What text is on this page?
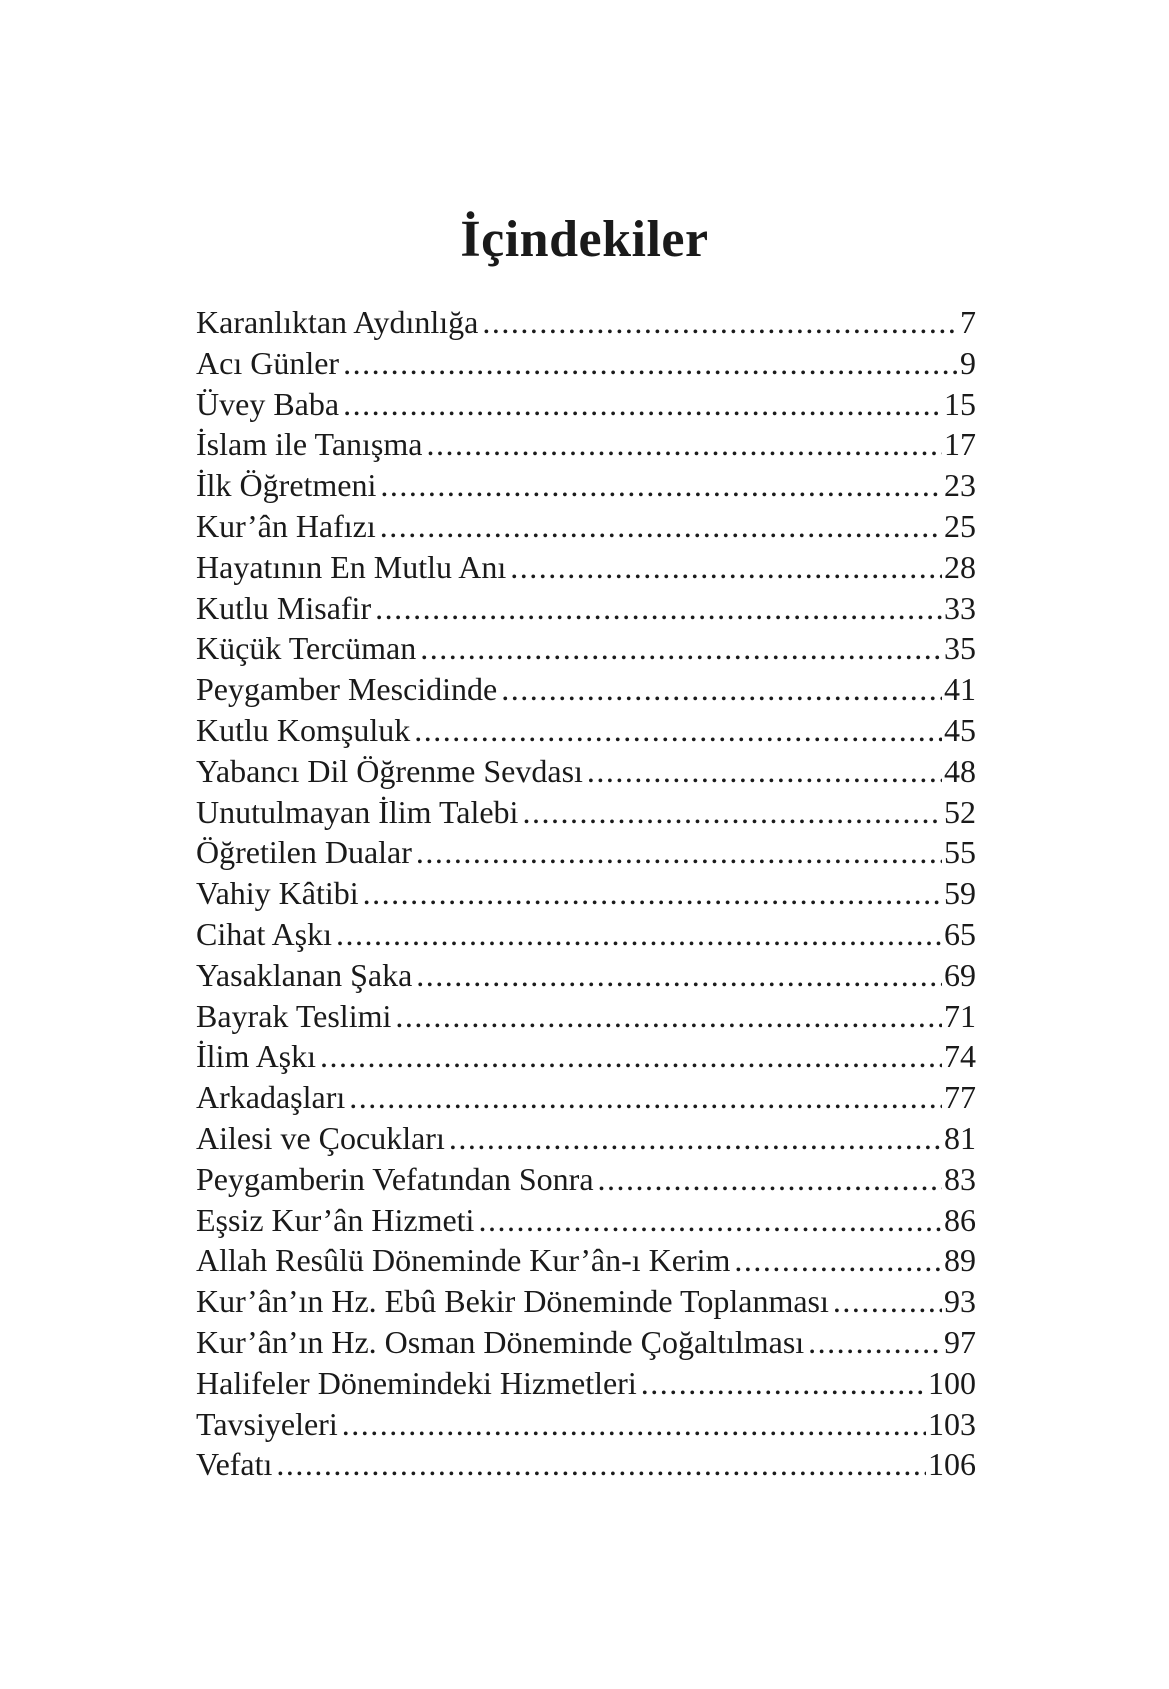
İçindekiler
Karanlıktan Aydınlığa .....	7
Acı Günler .....	9
Üvey Baba .....	15
İslam ile Tanışma .....	17
İlk Öğretmeni .....	23
Kur’ân Hafızı .....	25
Hayatının En Mutlu Anı .....	28
Kutlu Misafir .....	33
Küçük Tercüman .....	35
Peygamber Mescidinde .....	41
Kutlu Komşuluk .....	45
Yabancı Dil Öğrenme Sevdası .....	48
Unutulmayan İlim Talebi .....	52
Öğretilen Dualar .....	55
Vahiy Kâtibi .....	59
Cihat Aşkı .....	65
Yasaklanan Şaka .....	69
Bayrak Teslimi .....	71
İlim Aşkı .....	74
Arkadaşları .....	77
Ailesi ve Çocukları .....	81
Peygamberin Vefatından Sonra .....	83
Eşsiz Kur’ân Hizmeti .....	86
Allah Resûlü Döneminde Kur’ân-ı Kerim .....	89
Kur’ân’ın Hz. Ebû Bekir Döneminde Toplanması .....	93
Kur’ân’ın Hz. Osman Döneminde Çoğaltılması .....	97
Halifeler Dönemindeki Hizmetleri .....	100
Tavsiyeleri .....	103
Vefatı .....	106
